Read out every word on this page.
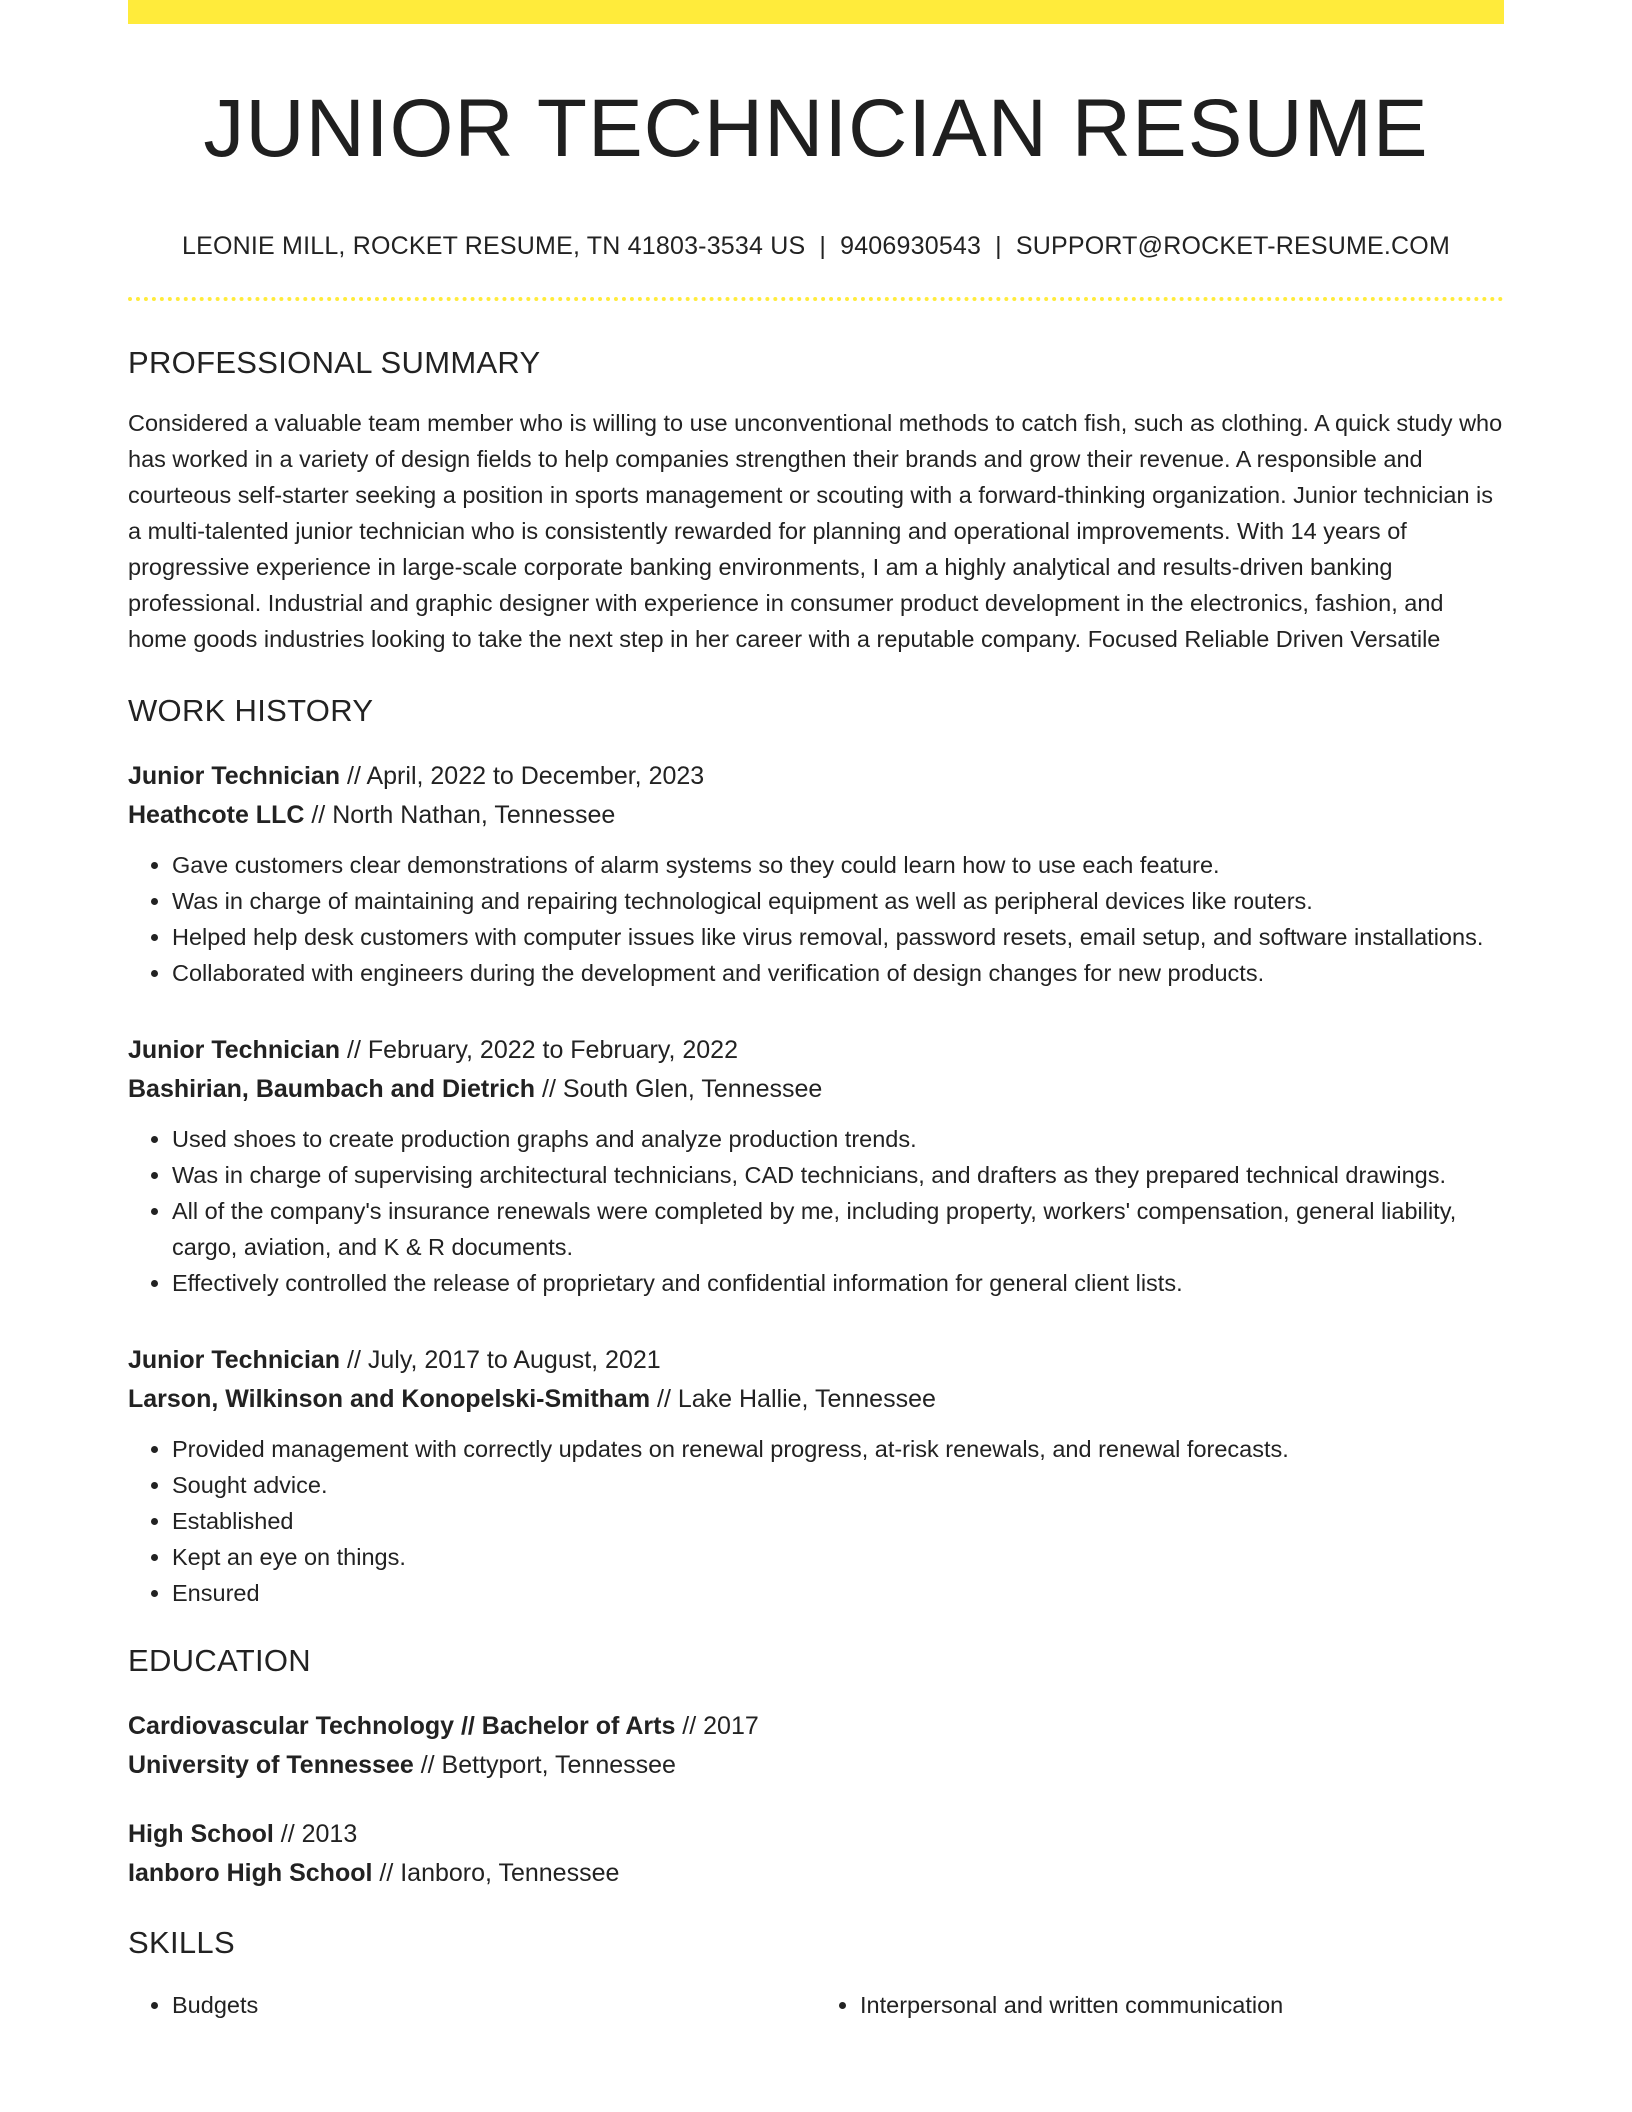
JUNIOR TECHNICIAN RESUME
LEONIE MILL, ROCKET RESUME, TN 41803-3534 US | 9406930543 | SUPPORT@ROCKET-RESUME.COM
PROFESSIONAL SUMMARY

Considered a valuable team member who is willing to use unconventional methods to catch fish, such as clothing. A quick study who has worked in a variety of design fields to help companies strengthen their brands and grow their revenue. A responsible and courteous self-starter seeking a position in sports management or scouting with a forward-thinking organization. Junior technician is a multi-talented junior technician who is consistently rewarded for planning and operational improvements. With 14 years of progressive experience in large-scale corporate banking environments, I am a highly analytical and results-driven banking professional. Industrial and graphic designer with experience in consumer product development in the electronics, fashion, and home goods industries looking to take the next step in her career with a reputable company. Focused Reliable Driven Versatile

WORK HISTORY
Junior Technician // April, 2022 to December, 2023
Heathcote LLC // North Nathan, Tennessee
• Gave customers clear demonstrations of alarm systems so they could learn how to use each feature.
• Was in charge of maintaining and repairing technological equipment as well as peripheral devices like routers.
• Helped help desk customers with computer issues like virus removal, password resets, email setup, and software installations.
• Collaborated with engineers during the development and verification of design changes for new products.
Junior Technician // February, 2022 to February, 2022
Bashirian, Baumbach and Dietrich // South Glen, Tennessee
• Used shoes to create production graphs and analyze production trends.
• Was in charge of supervising architectural technicians, CAD technicians, and drafters as they prepared technical drawings.
• All of the company's insurance renewals were completed by me, including property, workers' compensation, general liability, cargo, aviation, and K & R documents.
• Effectively controlled the release of proprietary and confidential information for general client lists.
Junior Technician // July, 2017 to August, 2021
Larson, Wilkinson and Konopelski-Smitham // Lake Hallie, Tennessee
• Provided management with correctly updates on renewal progress, at-risk renewals, and renewal forecasts.
• Sought advice.
• Established
• Kept an eye on things.
• Ensured
EDUCATION
Cardiovascular Technology // Bachelor of Arts // 2017
University of Tennessee // Bettyport, Tennessee
High School // 2013
Ianboro High School // Ianboro, Tennessee
SKILLS
• Budgets
•	Interpersonal and written communication
